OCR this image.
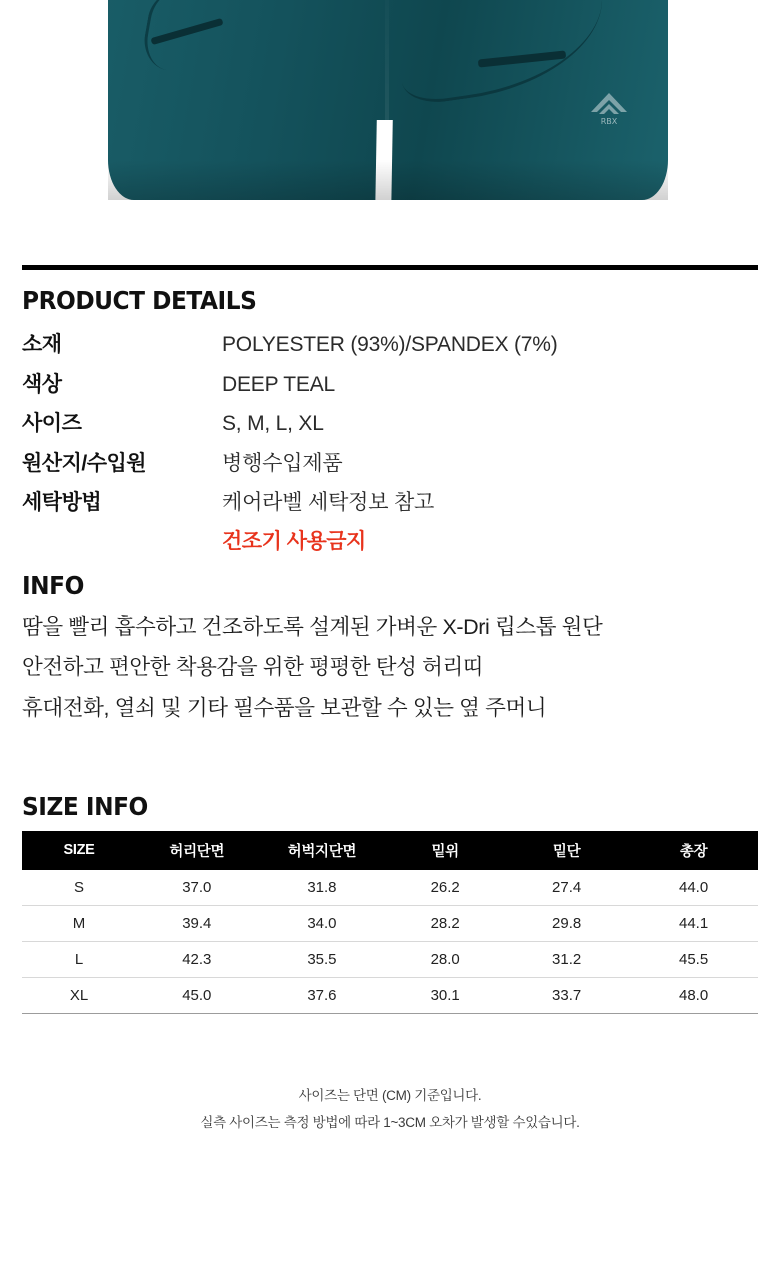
RBX
PRODUCT DETAILS
소재	POLYESTER (93%)/SPANDEX (7%)
색상	DEEP TEAL
사이즈	S, M, L, XL
원산지/수입원	병행수입제품
세탁방법	케어라벨 세탁정보 참고
건조기 사용금지
INFO

땀을 빨리 흡수하고 건조하도록 설계된 가벼운 X-Dri 립스톱 원단

안전하고 편안한 착용감을 위한 평평한 탄성 허리띠

휴대전화, 열쇠 및 기타 필수품을 보관할 수 있는 옆 주머니

SIZE INFO
SIZE	허리단면	허벅지단면	밑위	밑단	총장
S	37.0	31.8	26.2	27.4	44.0
M	39.4	34.0	28.2	29.8	44.1
L	42.3	35.5	28.0	31.2	45.5
XL	45.0	37.6	30.1	33.7	48.0

사이즈는 단면 (CM) 기준입니다.

실측 사이즈는 측정 방법에 따라 1~3CM 오차가 발생할 수있습니다.
